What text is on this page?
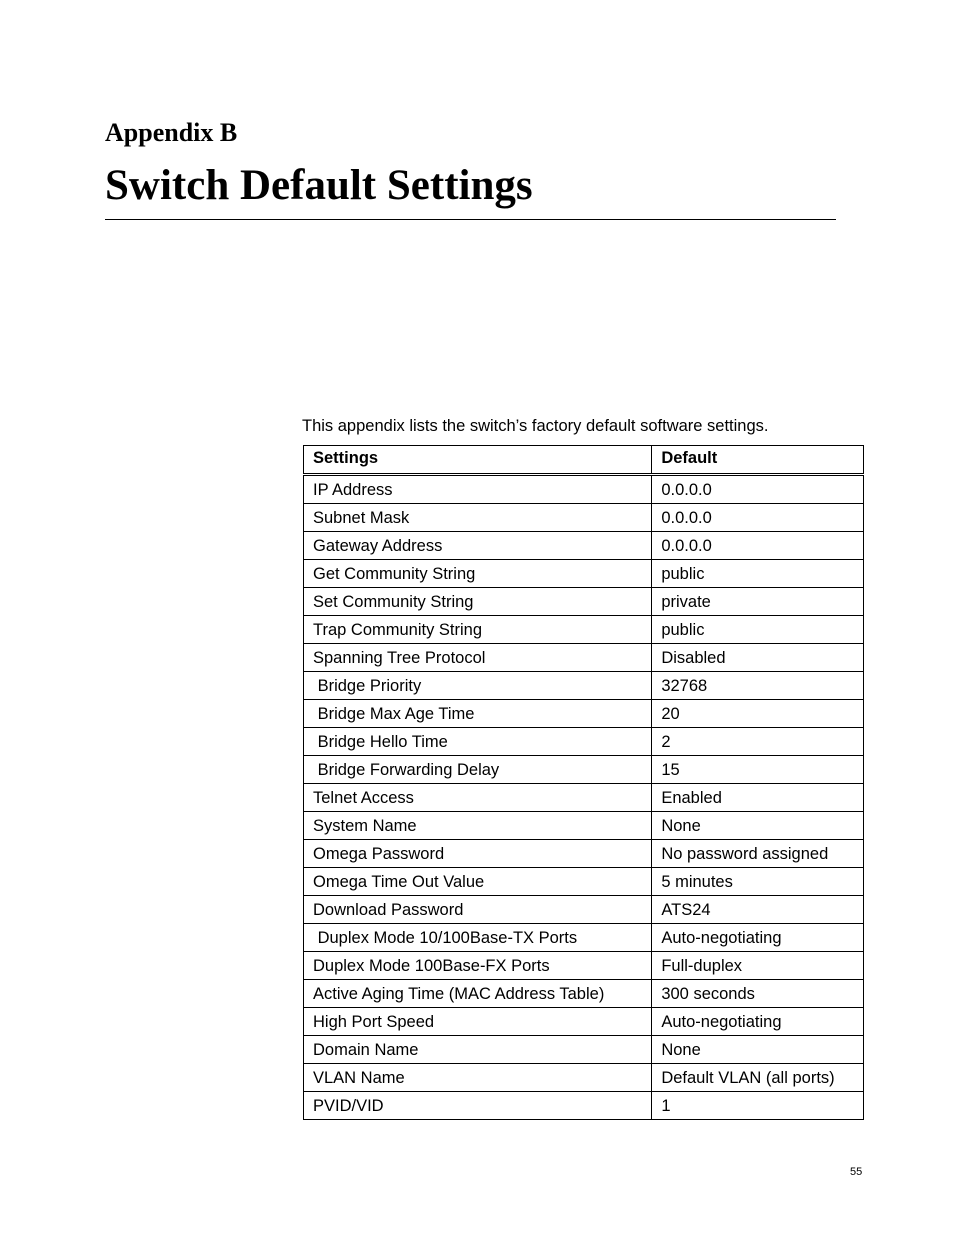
Appendix B
Switch Default Settings

This appendix lists the switch’s factory default software settings.

Settings	Default
IP Address	0.0.0.0
Subnet Mask	0.0.0.0
Gateway Address	0.0.0.0
Get Community String	public
Set Community String	private
Trap Community String	public
Spanning Tree Protocol	Disabled
Bridge Priority	32768
Bridge Max Age Time	20
Bridge Hello Time	2
Bridge Forwarding Delay	15
Telnet Access	Enabled
System Name	None
Omega Password	No password assigned
Omega Time Out Value	5 minutes
Download Password	ATS24
Duplex Mode 10/100Base-TX Ports	Auto-negotiating
Duplex Mode 100Base-FX Ports	Full-duplex
Active Aging Time (MAC Address Table)	300 seconds
High Port Speed	Auto-negotiating
Domain Name	None
VLAN Name	Default VLAN (all ports)
PVID/VID	1
55
